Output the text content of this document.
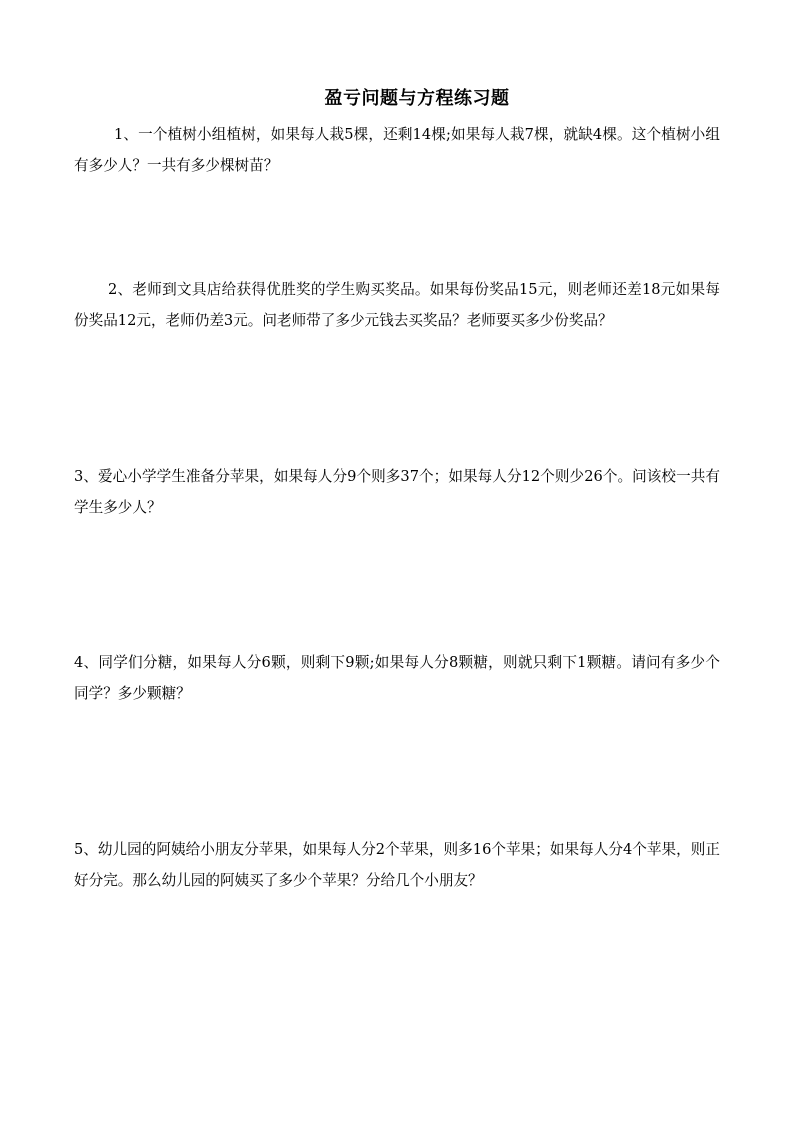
盈亏问题与方程练习题
1、一个植树小组植树，如果每人栽5棵，还剩14棵;如果每人栽7棵，就缺4棵。这个植树小组有多少人？一共有多少棵树苗？
2、老师到文具店给获得优胜奖的学生购买奖品。如果每份奖品15元，则老师还差18元如果每份奖品12元，老师仍差3元。问老师带了多少元钱去买奖品？老师要买多少份奖品？
3、爱心小学学生准备分苹果，如果每人分9个则多37个；如果每人分12个则少26个。问该校一共有学生多少人？
4、同学们分糖，如果每人分6颗，则剩下9颗;如果每人分8颗糖，则就只剩下1颗糖。请问有多少个同学？多少颗糖？
5、幼儿园的阿姨给小朋友分苹果，如果每人分2个苹果，则多16个苹果；如果每人分4个苹果，则正好分完。那么幼儿园的阿姨买了多少个苹果？分给几个小朋友？
